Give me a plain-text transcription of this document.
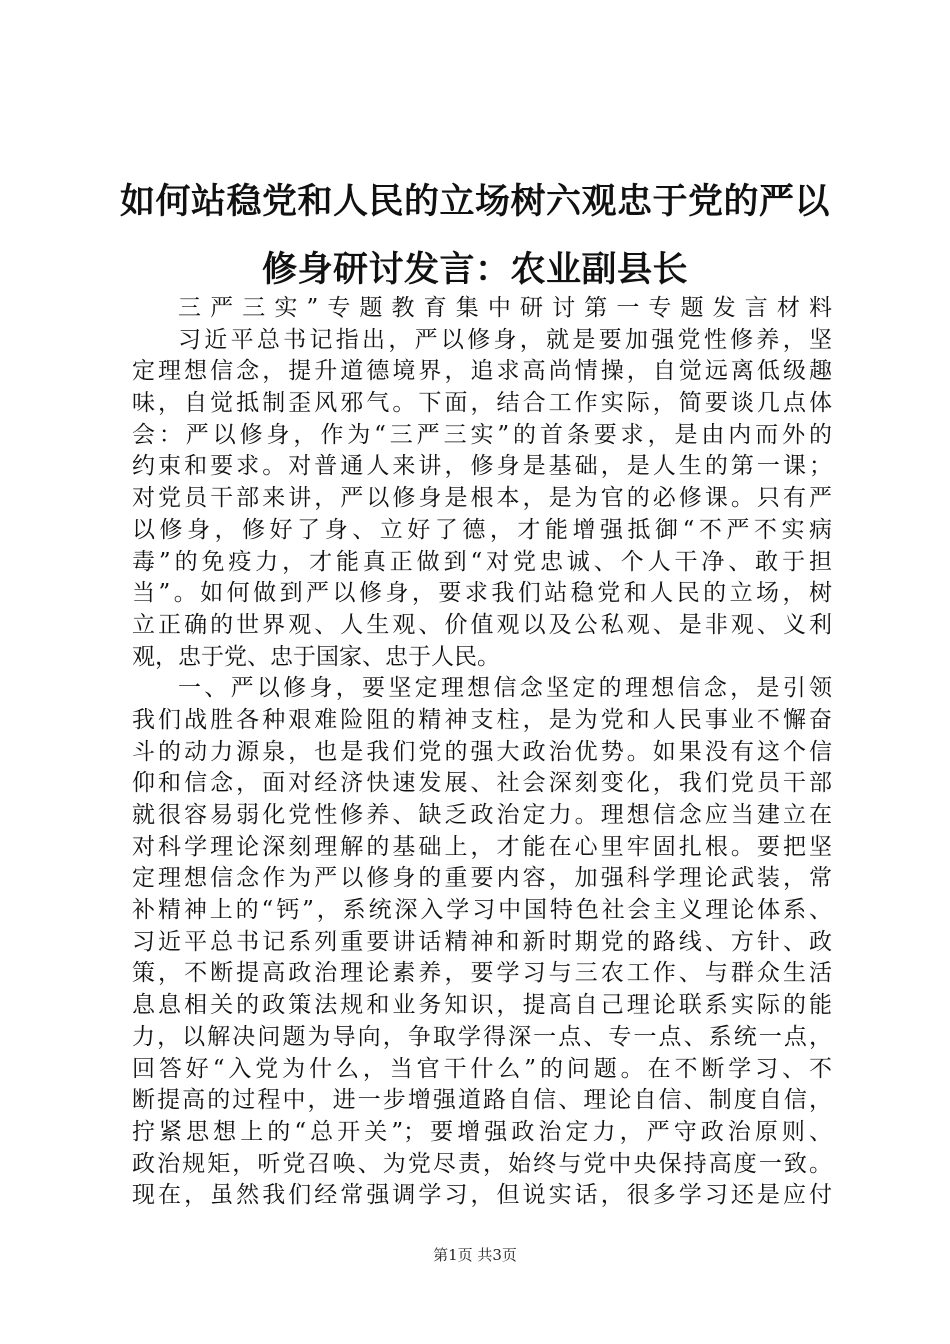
如何站稳党和人民的立场树六观忠于党的严以
修身研讨发言：农业副县长
三严三实”专题教育集中研讨第一专题发言材料
习近平总书记指出，严以修身，就是要加强党性修养，坚
定理想信念，提升道德境界，追求高尚情操，自觉远离低级趣
味，自觉抵制歪风邪气。下面，结合工作实际，简要谈几点体
会：严以修身，作为“三严三实”的首条要求，是由内而外的
约束和要求。对普通人来讲，修身是基础，是人生的第一课；
对党员干部来讲，严以修身是根本，是为官的必修课。只有严
以修身，修好了身、立好了德，才能增强抵御“不严不实病
毒”的免疫力，才能真正做到“对党忠诚、个人干净、敢于担
当”。如何做到严以修身，要求我们站稳党和人民的立场，树
立正确的世界观、人生观、价值观以及公私观、是非观、义利
观，忠于党、忠于国家、忠于人民。
一、严以修身，要坚定理想信念坚定的理想信念，是引领
我们战胜各种艰难险阻的精神支柱，是为党和人民事业不懈奋
斗的动力源泉，也是我们党的强大政治优势。如果没有这个信
仰和信念，面对经济快速发展、社会深刻变化，我们党员干部
就很容易弱化党性修养、缺乏政治定力。理想信念应当建立在
对科学理论深刻理解的基础上，才能在心里牢固扎根。要把坚
定理想信念作为严以修身的重要内容，加强科学理论武装，常
补精神上的“钙”，系统深入学习中国特色社会主义理论体系、
习近平总书记系列重要讲话精神和新时期党的路线、方针、政
策，不断提高政治理论素养，要学习与三农工作、与群众生活
息息相关的政策法规和业务知识，提高自己理论联系实际的能
力，以解决问题为导向，争取学得深一点、专一点、系统一点，
回答好“入党为什么，当官干什么”的问题。在不断学习、不
断提高的过程中，进一步增强道路自信、理论自信、制度自信，
拧紧思想上的“总开关”；要增强政治定力，严守政治原则、
政治规矩，听党召唤、为党尽责，始终与党中央保持高度一致。
现在，虽然我们经常强调学习，但说实话，很多学习还是应付
第1页 共3页
